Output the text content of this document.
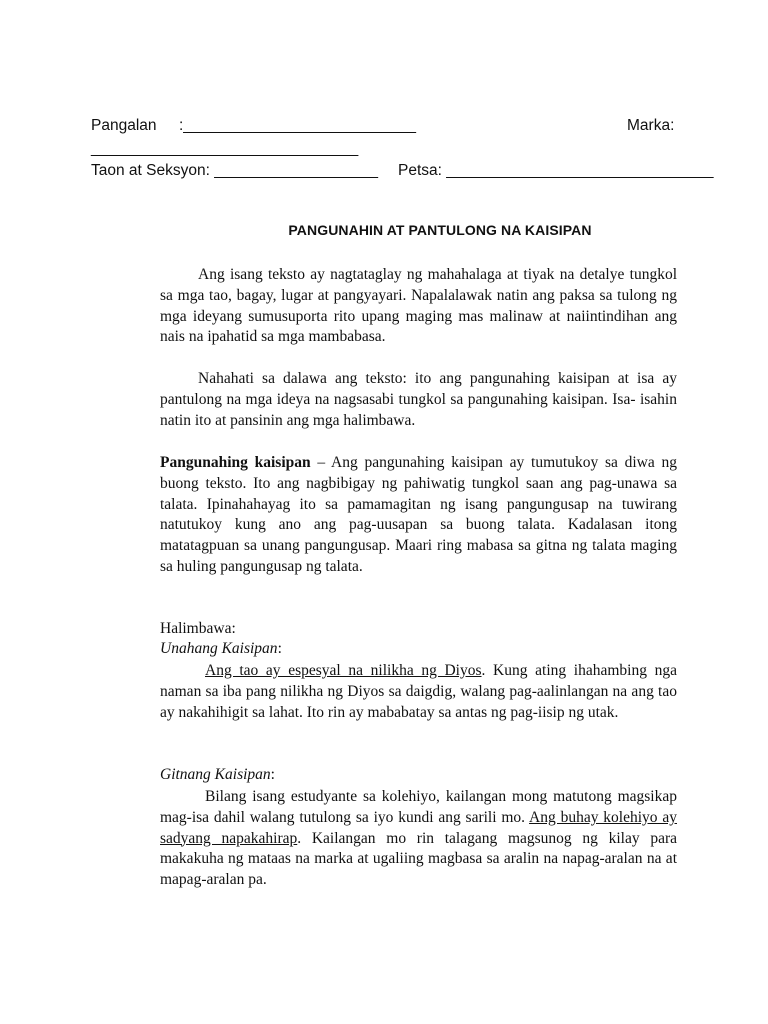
Pangalan :___________________________	Marka:
_______________________________
Taon at Seksyon: ___________________ Petsa: _______________________________
PANGUNAHIN AT PANTULONG NA KAISIPAN

Ang isang teksto ay nagtataglay ng mahahalaga at tiyak na detalye tungkol sa mga tao, bagay, lugar at pangyayari. Napalalawak natin ang paksa sa tulong ng mga ideyang sumusuporta rito upang maging mas malinaw at naiintindihan ang nais na ipahatid sa mga mambabasa.

Nahahati sa dalawa ang teksto: ito ang pangunahing kaisipan at isa ay pantulong na mga ideya na nagsasabi tungkol sa pangunahing kaisipan. Isa- isahin natin ito at pansinin ang mga halimbawa.

Pangunahing kaisipan – Ang pangunahing kaisipan ay tumutukoy sa diwa ng buong teksto. Ito ang nagbibigay ng pahiwatig tungkol saan ang pag-unawa sa talata. Ipinahahayag ito sa pamamagitan ng isang pangungusap na tuwirang natutukoy kung ano ang pag-uusapan sa buong talata. Kadalasan itong matatagpuan sa unang pangungusap. Maari ring mabasa sa gitna ng talata maging sa huling pangungusap ng talata.

Halimbawa:
Unahang Kaisipan:

Ang tao ay espesyal na nilikha ng Diyos. Kung ating ihahambing nga naman sa iba pang nilikha ng Diyos sa daigdig, walang pag-aalinlangan na ang tao ay nakahihigit sa lahat. Ito rin ay mababatay sa antas ng pag-iisip ng utak.

Gitnang Kaisipan:

Bilang isang estudyante sa kolehiyo, kailangan mong matutong magsikap mag-isa dahil walang tutulong sa iyo kundi ang sarili mo. Ang buhay kolehiyo ay sadyang napakahirap. Kailangan mo rin talagang magsunog ng kilay para makakuha ng mataas na marka at ugaliing magbasa sa aralin na napag-aralan na at mapag-aralan pa.
